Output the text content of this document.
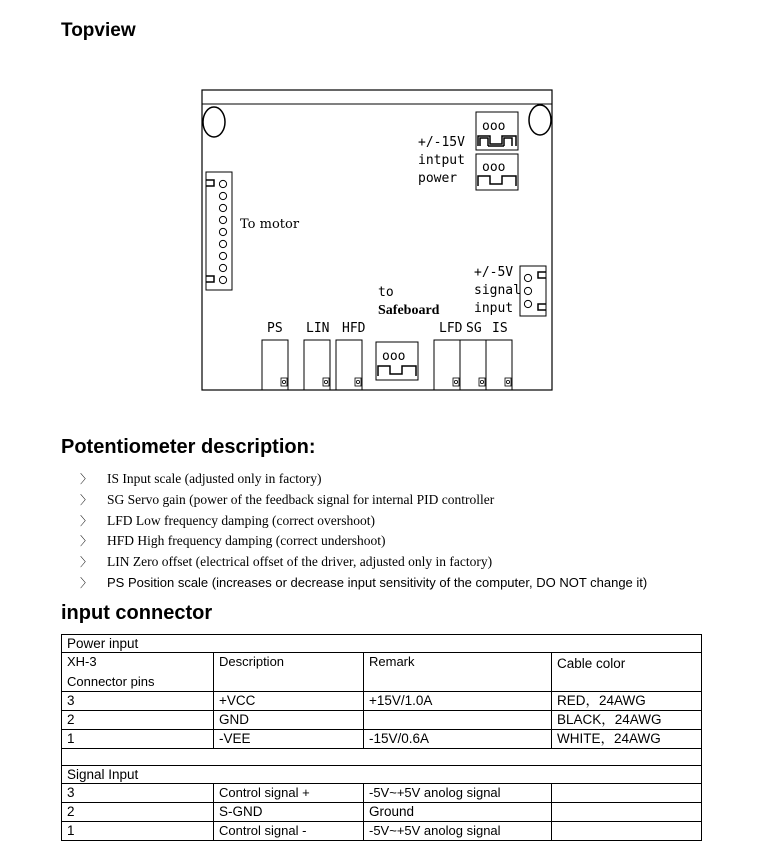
Topview
ooo
ooo
+/-15V
intput
power
To motor
+/-5V
signal
input
to
Safeboard
ooo
PS LIN HFD	LFD SG IS
Potentiometer description:
〉 IS Input scale (adjusted only in factory)
〉 SG Servo gain (power of the feedback signal for internal PID controller
〉 LFD Low frequency damping (correct overshoot)
〉 HFD High frequency damping (correct undershoot)
〉 LIN Zero offset (electrical offset of the driver, adjusted only in factory)
〉 PS Position scale (increases or decrease input sensitivity of the computer, DO NOT change it)
input connector
Power input			

XH-3
Connector pins	Description	Remark	Cable color
3	+VCC	+15V/1.0A	RED，24AWG
2	GND		BLACK，24AWG
1	-VEE	-15V/0.6A	WHITE，24AWG

Signal Input			
3	Control signal +	-5V~+5V anolog signal	
2	S-GND	Ground	
1	Control signal -	-5V~+5V anolog signal	
